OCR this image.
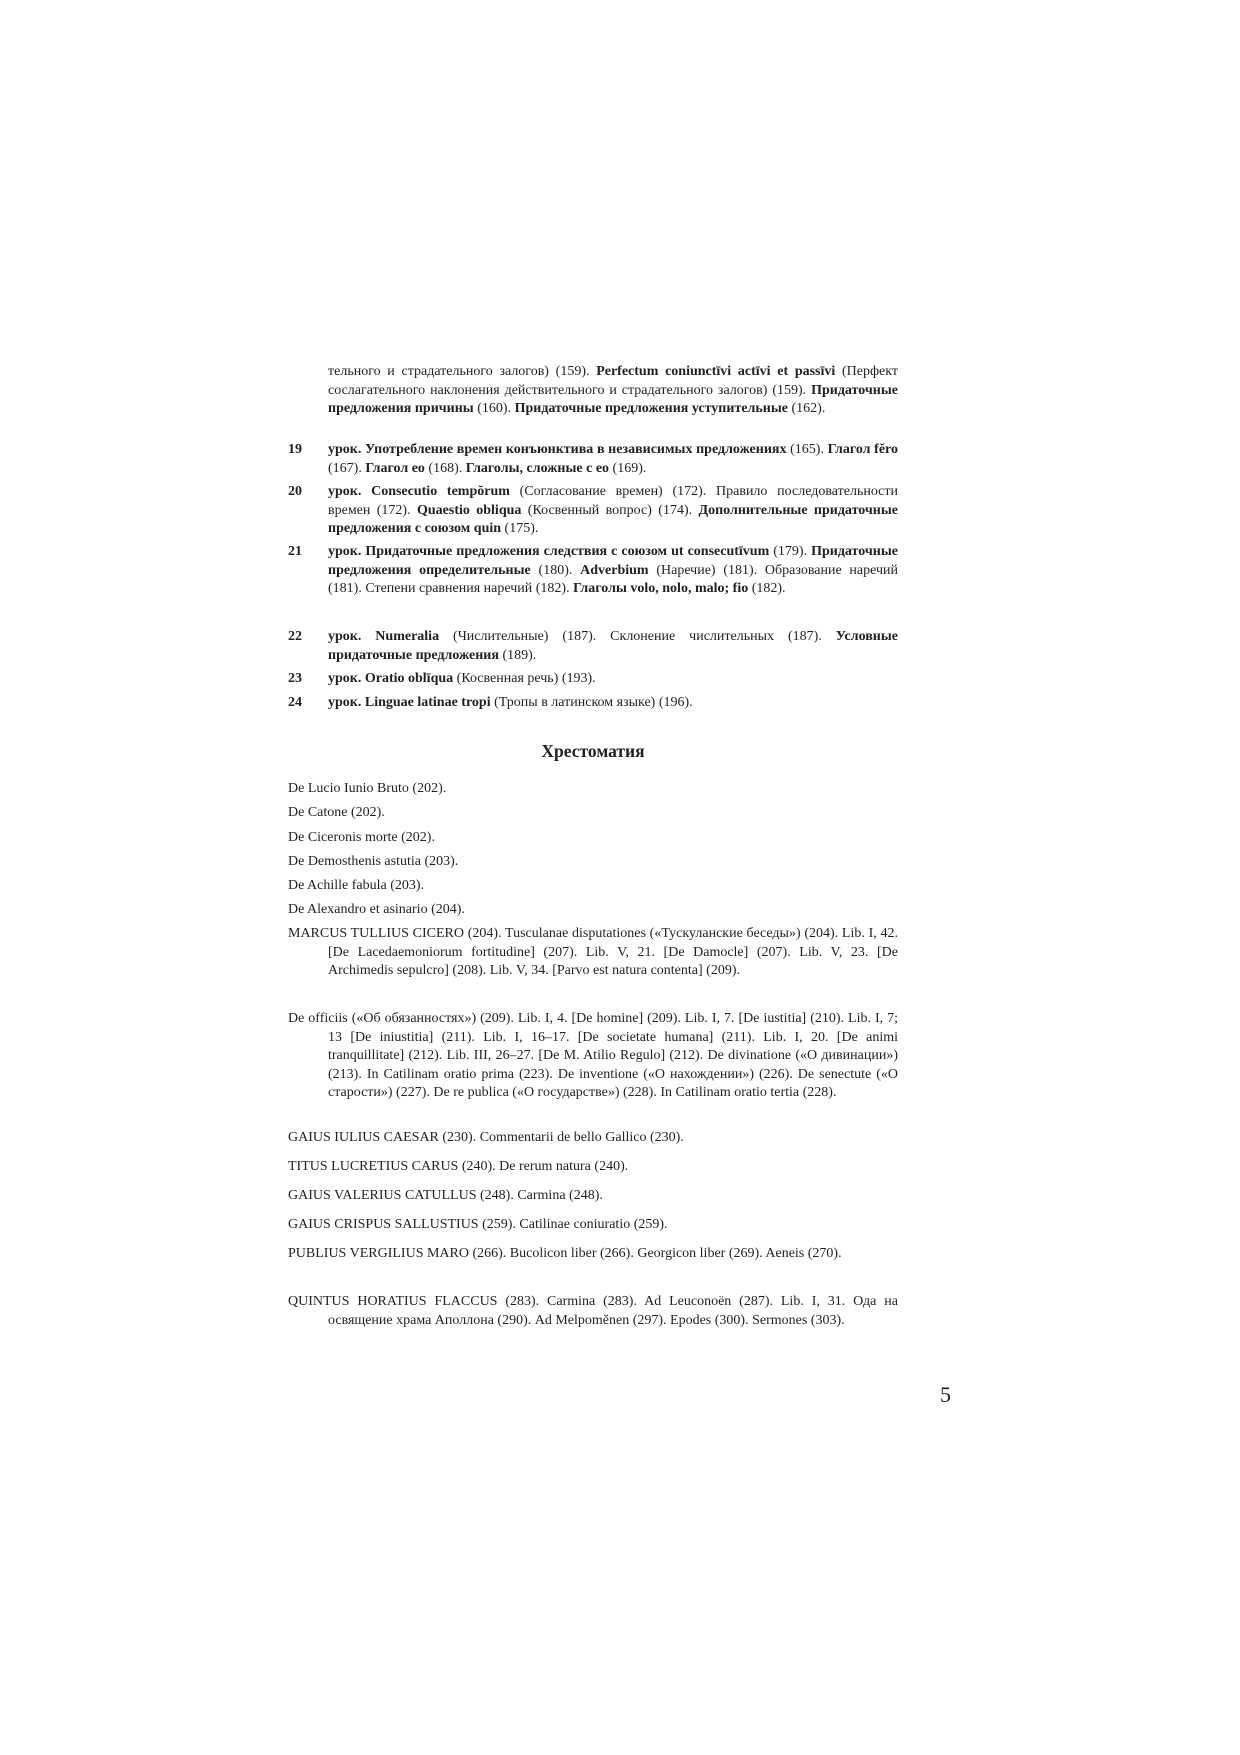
тельного и страдательного залогов) (159). Perfectum coniunctīvi actīvi et passīvi (Перфект сослагательного наклонения действительного и страдательного залогов) (159). Придаточные предложения причины (160). Придаточные предложения уступительные (162).

19 урок. Употребление времен конъюнктива в независимых предложениях (165). Глагол fĕro (167). Глагол eo (168). Глаголы, сложные с eo (169).

20 урок. Consecutio tempŏrum (Согласование времен) (172). Правило последовательности времен (172). Quaestio obliqua (Косвенный вопрос) (174). Дополнительные придаточные предложения с союзом quin (175).

21 урок. Придаточные предложения следствия с союзом ut consecutīvum (179). Придаточные предложения определительные (180). Adverbium (Наречие) (181). Образование наречий (181). Степени сравнения наречий (182). Глаголы volo, nolo, malo; fio (182).

22 урок. Numeralia (Числительные) (187). Склонение числительных (187). Условные придаточные предложения (189).

23 урок. Oratio oblīqua (Косвенная речь) (193).

24 урок. Linguae latinae tropi (Тропы в латинском языке) (196).

Хрестоматия

De Lucio Iunio Bruto (202).

De Catone (202).

De Ciceronis morte (202).

De Demosthenis astutia (203).

De Achille fabula (203).

De Alexandro et asinario (204).

MARCUS TULLIUS CICERO (204). Tusculanae disputationes («Тускуланские беседы») (204). Lib. I, 42. [De Lacedaemoniorum fortitudine] (207). Lib. V, 21. [De Damocle] (207). Lib. V, 23. [De Archimedis sepulcro] (208). Lib. V, 34. [Parvo est natura contenta] (209).

De officiis («Об обязанностях») (209). Lib. I, 4. [De homine] (209). Lib. I, 7. [De iustitia] (210). Lib. I, 7; 13 [De iniustitia] (211). Lib. I, 16–17. [De societate humana] (211). Lib. I, 20. [De animi tranquillitate] (212). Lib. III, 26–27. [De M. Atilio Regulo] (212). De divinatione («О дивинации») (213). In Catilinam oratio prima (223). De inventione («О нахождении») (226). De senectute («О старости») (227). De re publica («О государстве») (228). In Catilinam oratio tertia (228).

GAIUS IULIUS CAESAR (230). Commentarii de bello Gallico (230).

TITUS LUCRETIUS CARUS (240). De rerum natura (240).

GAIUS VALERIUS CATULLUS (248). Carmina (248).

GAIUS CRISPUS SALLUSTIUS (259). Catilinae coniuratio (259).

PUBLIUS VERGILIUS MARO (266). Bucolicon liber (266). Georgicon liber (269). Aeneis (270).

QUINTUS HORATIUS FLACCUS (283). Carmina (283). Ad Leuconoën (287). Lib. I, 31. Ода на освящение храма Аполлона (290). Ad Melpomĕnen (297). Epodes (300). Sermones (303).

5
